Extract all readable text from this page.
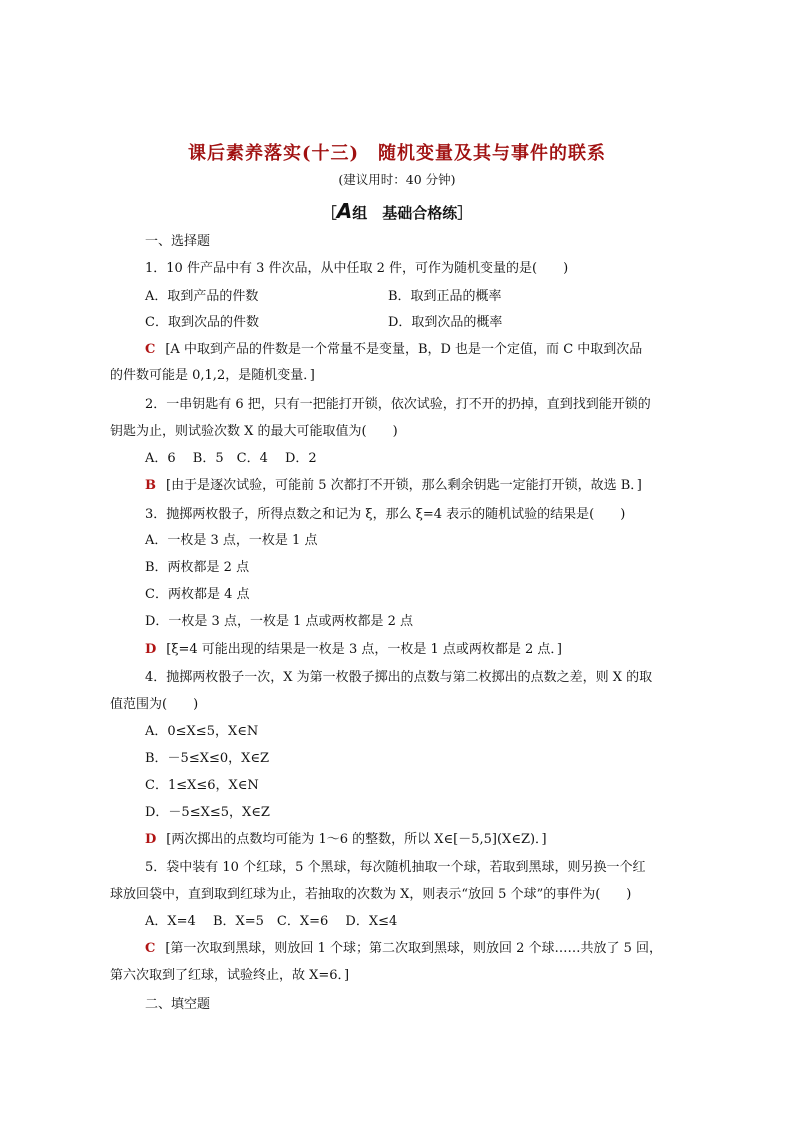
课后素养落实(十三)　随机变量及其与事件的联系
(建议用时：40 分钟)
［A组　基础合格练］
一、选择题
1．10 件产品中有 3 件次品，从中任取 2 件，可作为随机变量的是(　　)
A．取到产品的件数	B．取到正品的概率
C．取到次品的件数	D．取到次品的概率
C [A 中取到产品的件数是一个常量不是变量，B，D 也是一个定值，而 C 中取到次品
的件数可能是 0,1,2，是随机变量．]
2．一串钥匙有 6 把，只有一把能打开锁，依次试验，打不开的扔掉，直到找到能开锁的
钥匙为止，则试验次数 X 的最大可能取值为(　　)
A．6　 B．5　C．4　 D．2
B [由于是逐次试验，可能前 5 次都打不开锁，那么剩余钥匙一定能打开锁，故选 B．]
3．抛掷两枚骰子，所得点数之和记为 ξ，那么 ξ=4 表示的随机试验的结果是(　　)
A．一枚是 3 点，一枚是 1 点
B．两枚都是 2 点
C．两枚都是 4 点
D．一枚是 3 点，一枚是 1 点或两枚都是 2 点
D [ξ=4 可能出现的结果是一枚是 3 点，一枚是 1 点或两枚都是 2 点．]
4．抛掷两枚骰子一次，X 为第一枚骰子掷出的点数与第二枚掷出的点数之差，则 X 的取
值范围为(　　)
A．0≤X≤5，X∈N
B．－5≤X≤0，X∈Z
C．1≤X≤6，X∈N
D．－5≤X≤5，X∈Z
D [两次掷出的点数均可能为 1～6 的整数，所以 X∈[－5,5](X∈Z)．]
5．袋中装有 10 个红球，5 个黑球，每次随机抽取一个球，若取到黑球，则另换一个红
球放回袋中，直到取到红球为止，若抽取的次数为 X，则表示“放回 5 个球”的事件为(　　)
A．X=4　 B．X=5　C．X=6　 D．X≤4
C [第一次取到黑球，则放回 1 个球；第二次取到黑球，则放回 2 个球……共放了 5 回，
第六次取到了红球，试验终止，故 X=6．]
二、填空题
